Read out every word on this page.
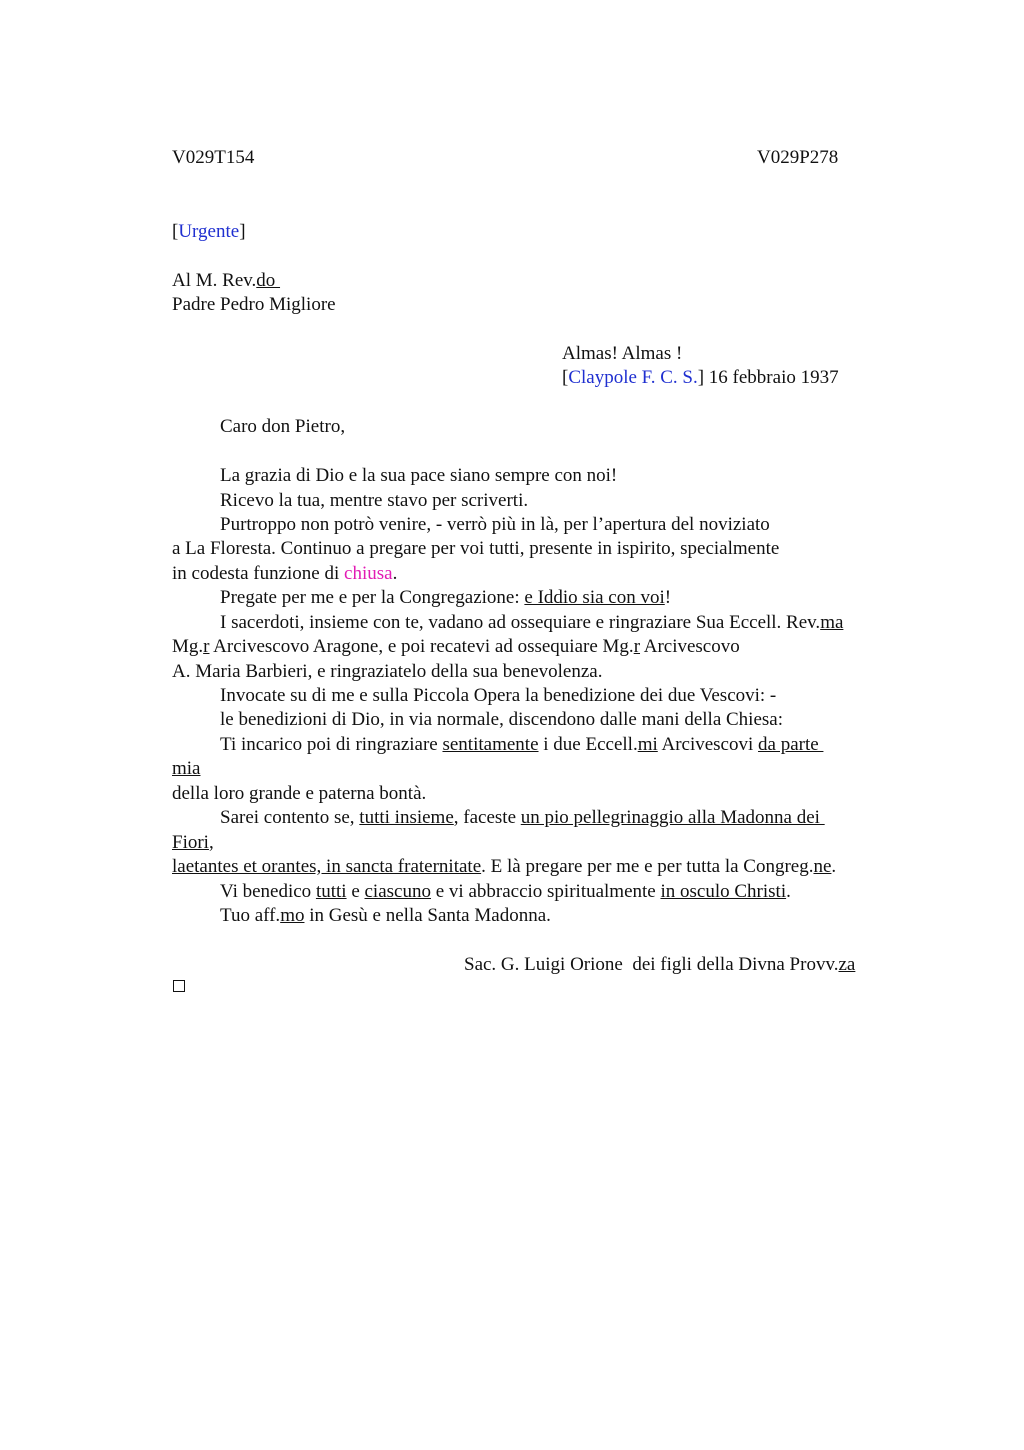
V029T154	V029P278
[Urgente]
Al M. Rev.do
Padre Pedro Migliore
Almas! Almas !
[Claypole F. C. S.] 16 febbraio 1937
Caro don Pietro,
La grazia di Dio e la sua pace siano sempre con noi!
Ricevo la tua, mentre stavo per scriverti.
Purtroppo non potrò venire, - verrò più in là, per l’apertura del noviziato
a La Floresta. Continuo a pregare per voi tutti, presente in ispirito, specialmente
in codesta funzione di chiusa.
Pregate per me e per la Congregazione: e Iddio sia con voi!
I sacerdoti, insieme con te, vadano ad ossequiare e ringraziare Sua Eccell. Rev.ma
Mg.r Arcivescovo Aragone, e poi recatevi ad ossequiare Mg.r Arcivescovo
A. Maria Barbieri, e ringraziatelo della sua benevolenza.
Invocate su di me e sulla Piccola Opera la benedizione dei due Vescovi: -
le benedizioni di Dio, in via normale, discendono dalle mani della Chiesa:
Ti incarico poi di ringraziare sentitamente i due Eccell.mi Arcivescovi da parte
mia
della loro grande e paterna bontà.
Sarei contento se, tutti insieme, faceste un pio pellegrinaggio alla Madonna dei
Fiori,
laetantes et orantes, in sancta fraternitate. E là pregare per me e per tutta la Congreg.ne.
Vi benedico tutti e ciascuno e vi abbraccio spiritualmente in osculo Christi.
Tuo aff.mo in Gesù e nella Santa Madonna.
Sac. G. Luigi Orione  dei figli della Divna Provv.za
